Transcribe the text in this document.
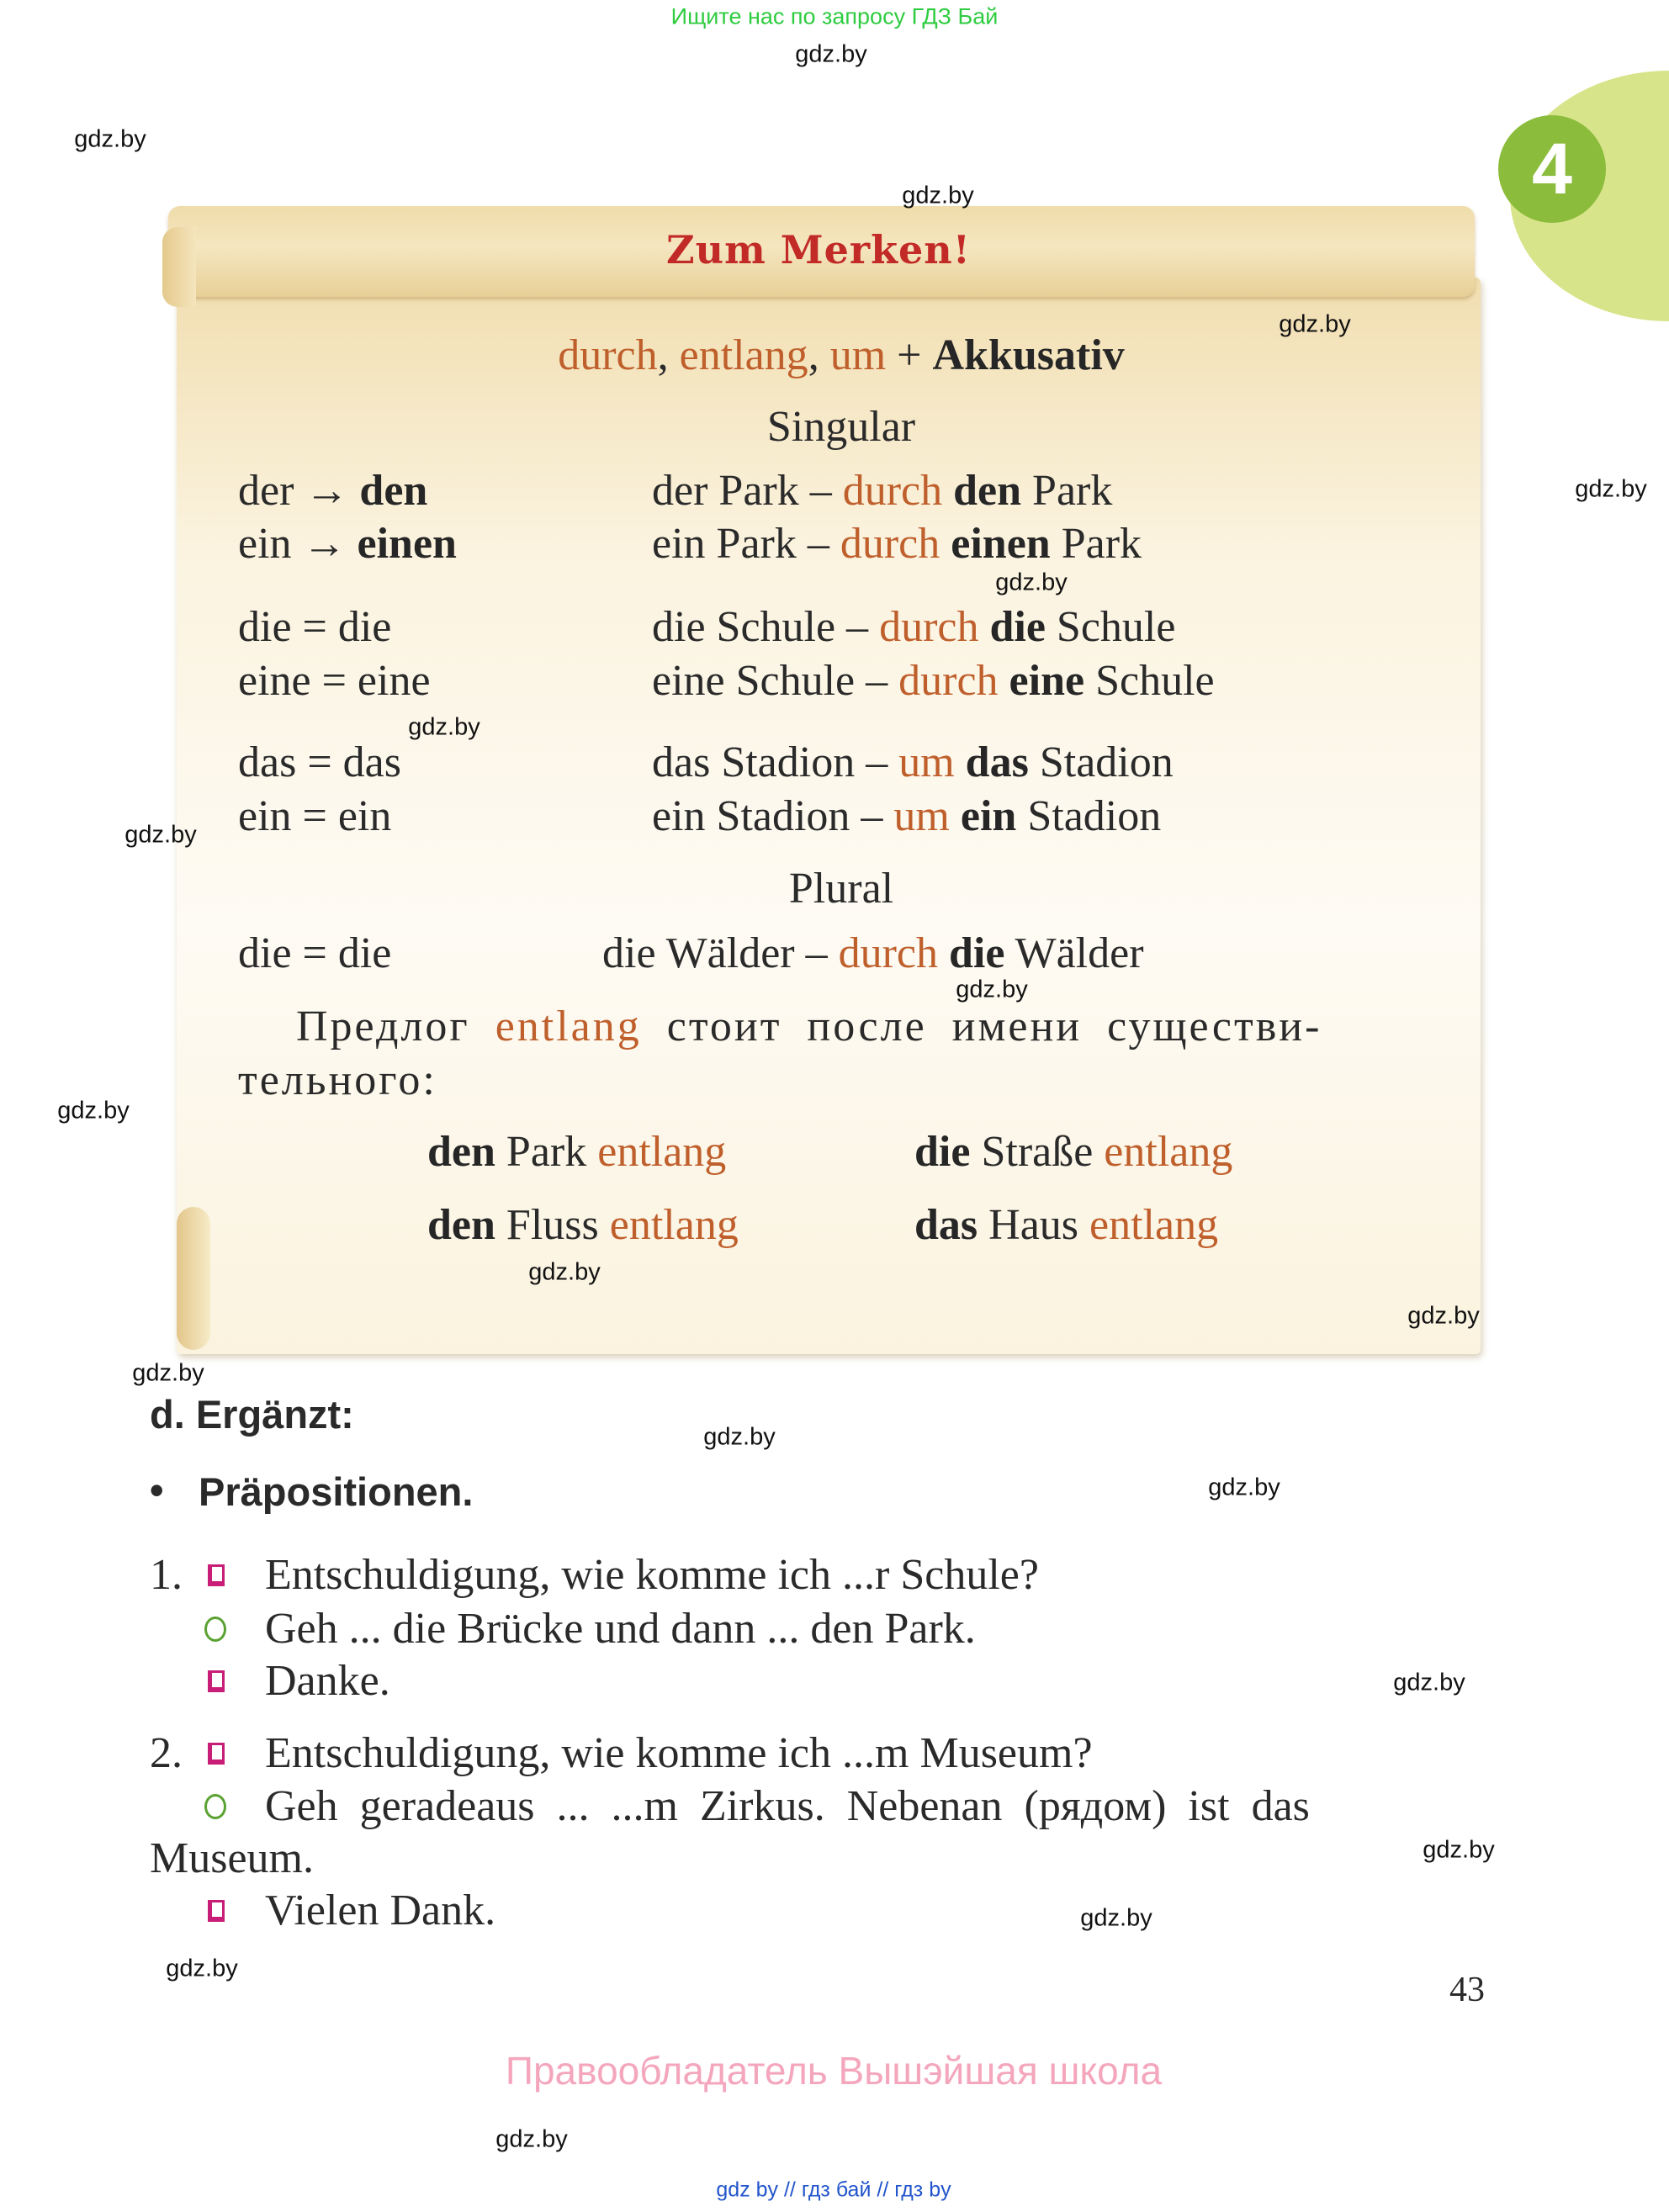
Ищите нас по запросу ГДЗ Бай
4
Zum Merken!
durch, entlang, um + Akkusativ
Singular
der → den	der Park – durch den Park
ein → einen	ein Park – durch einen Park
die = die	die Schule – durch die Schule
eine = eine	eine Schule – durch eine Schule
das = das	das Stadion – um das Stadion
ein = ein	ein Stadion – um ein Stadion
Plural
die = die	die Wälder – durch die Wälder
Предлог entlang стоит после имени существи-
тельного:
den Park entlang	die Straße entlang
den Fluss entlang	das Haus entlang
d. Ergänzt:
• Präpositionen.
1. Entschuldigung, wie komme ich ...r Schule?
Geh ... die Brücke und dann ... den Park.
Danke.
2. Entschuldigung, wie komme ich ...m Museum?
Geh  geradeaus  ...  ...m  Zirkus.  Nebenan  (рядом)  ist  das
Museum.
Vielen Dank.
43
Правообладатель Вышэйшая школа
gdz by // гдз бай // гдз by
gdz.by
gdz.by
gdz.by
gdz.by
gdz.by
gdz.by
gdz.by
gdz.by
gdz.by
gdz.by
gdz.by
gdz.by
gdz.by
gdz.by
gdz.by
gdz.by
gdz.by
gdz.by
gdz.by
gdz.by
